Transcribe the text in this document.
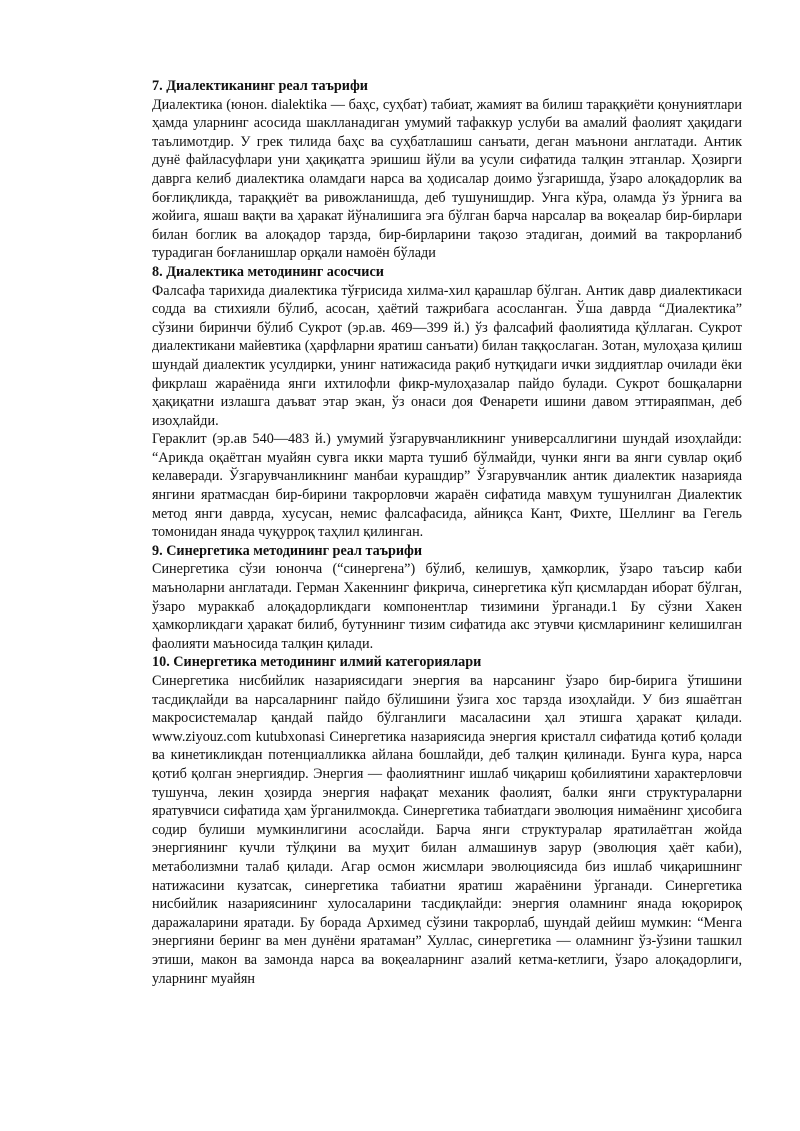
7. Диалектиканинг реал таърифи

Диалектика (юнон. dialektika — баҳс, суҳбат) табиат, жамият ва билиш тараққиёти қонуниятлари ҳамда уларнинг асосида шаклланадиган умумий тафаккур услуби ва амалий фаолият ҳақидаги таълимотдир. У грек тилида баҳс ва суҳбатлашиш санъати, деган маънони англатади. Антик дунё файласуфлари уни ҳақиқатга эришиш йўли ва усули сифатида талқин этганлар. Ҳозирги даврга келиб диалектика оламдаги нарса ва ҳодисалар доимо ўзгаришда, ўзаро алоқадорлик ва боғлиқликда, тараққиёт ва ривожланишда, деб тушунишдир. Унга кўра, оламда ўз ўрнига ва жойига, яшаш вақти ва ҳаракат йўналишига эга бўлган барча нарсалар ва воқеалар бир-бирлари билан боглик ва алоқадор тарзда, бир-бирларини тақозо этадиган, доимий ва такрорланиб турадиган боғланишлар орқали намоён бўлади

8. Диалектика методининг асосчиси

Фалсафа тарихида диалектика тўғрисида хилма-хил қарашлар бўлган. Антик давр диалектикаси содда ва стихияли бўлиб, асосан, ҳаётий тажрибага асосланган. Ўша даврда “Диалектика” сўзини биринчи бўлиб Сукрот (эр.ав. 469—399 й.) ўз фалсафий фаолиятида қўллаган. Сукрот диалектикани майевтика (ҳарфларни яратиш санъати) билан таққослаган. Зотан, мулоҳаза қилиш шундай диалектик усулдирки, унинг натижасида рақиб нутқидаги ички зиддиятлар очилади ёки фикрлаш жараёнида янги ихтилофли фикр-мулоҳазалар пайдо булади. Сукрот бошқаларни ҳақиқатни излашга даъват этар экан, ўз онаси доя Фенарети ишини давом эттираяпман, деб изоҳлайди.

Гераклит (эр.ав 540—483 й.) умумий ўзгарувчанликнинг универсаллигини шундай изоҳлайди: “Арикда оқаётган муайян сувга икки марта тушиб бўлмайди, чунки янги ва янги сувлар оқиб келаверади. Ўзгарувчанликнинг манбаи курашдир” Ўзгарувчанлик антик диалектик назарияда янгини яратмасдан бир-бирини такрорловчи жараён сифатида мавҳум тушунилган Диалектик метод янги даврда, хусусан, немис фалсафасида, айниқса Кант, Фихте, Шеллинг ва Гегель томонидан янада чуқурроқ таҳлил қилинган.

9. Синергетика методининг реал таърифи

Синергетика сўзи юнонча (“синергена”) бўлиб, келишув, ҳамкорлик, ўзаро таъсир каби маъноларни англатади. Герман Хакеннинг фикрича, синергетика кўп қисмлардан иборат бўлган, ўзаро мураккаб алоқадорликдаги компонентлар тизимини ўрганади.1 Бу сўзни Хакен ҳамкорликдаги ҳаракат билиб, бутуннинг тизим сифатида акс этувчи қисмларининг келишилган фаолияти маъносида талқин қилади.

10. Синергетика методининг илмий категориялари

Синергетика нисбийлик назариясидаги энергия ва нарсанинг ўзаро бир-бирига ўтишини тасдиқлайди ва нарсаларнинг пайдо бўлишини ўзига хос тарзда изоҳлайди. У биз яшаётган макросистемалар қандай пайдо бўлганлиги масаласини ҳал этишга ҳаракат қилади. www.ziyouz.com kutubxonasi Синергетика назариясида энергия кристалл сифатида қотиб қолади ва кинетикликдан потенциалликка айлана бошлайди, деб талқин қилинади. Бунга кура, нарса қотиб қолган энергиядир. Энергия — фаолиятнинг ишлаб чиқариш қобилиятини характерловчи тушунча, лекин ҳозирда энергия нафақат механик фаолият, балки янги структураларни яратувчиси сифатида ҳам ўрганилмокда. Синергетика табиатдаги эволюция нимаëнинг ҳисобига содир булиши мумкинлигини асослайди. Барча янги структуралар яратилаётган жойда энергиянинг кучли тўлқини ва муҳит билан алмашинув зарур (эволюция ҳаёт каби), метаболизмни талаб қилади. Агар осмон жисмлари эволюциясида биз ишлаб чиқаришнинг натижасини кузатсак, синергетика табиатни яратиш жараёнини ўрганади. Синергетика нисбийлик назариясининг хулосаларини тасдиқлайди: энергия оламнинг янада юқорироқ даражаларини яратади. Бу борада Архимед сўзини такрорлаб, шундай дейиш мумкин: “Менга энергияни беринг ва мен дунёни яратаман” Хуллас, синергетика — оламнинг ўз-ўзини ташкил этиши, макон ва замонда нарса ва воқеаларнинг азалий кетма-кетлиги, ўзаро алоқадорлиги, уларнинг муайян
